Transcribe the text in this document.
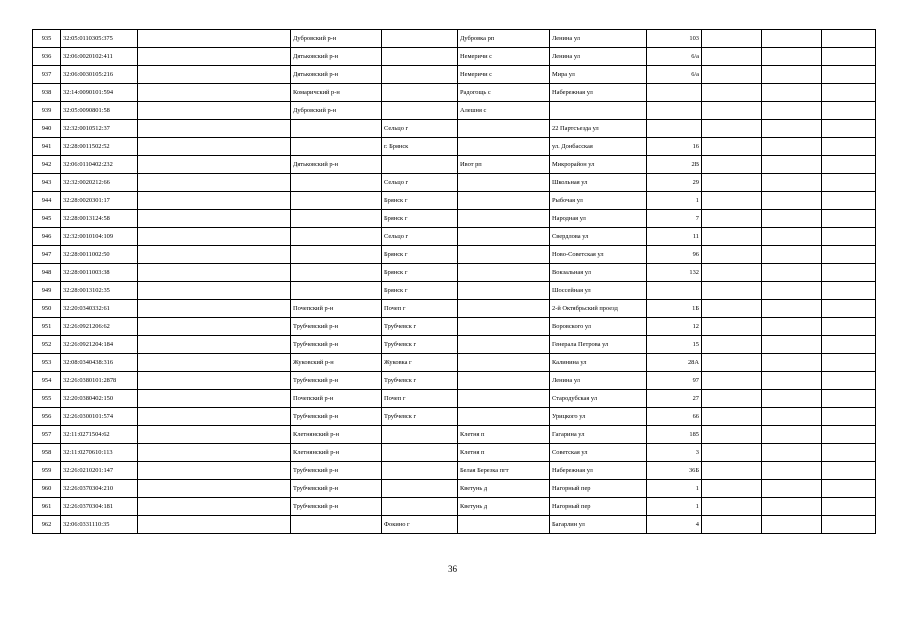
935	32:05:0110305:375		Дубровский р-н		Дубровка рп	Ленина ул	103			
936	32:06:0020102:411		Дятьковский р-н		Немеричи с	Ленина ул	6/а			
937	32:06:0030105:216		Дятьковский р-н		Немеричи с	Мира ул	6/а			
938	32:14:0090101:594		Комаричский р-н		Радогощь с	Набережная ул				
939	32:05:0090801:58		Дубровский р-н		Алешня с					
940	32:32:0010512:37			Сельцо г		22 Партсъезда ул				
941	32:28:0011502:52			г. Брянск		ул. Донбасская	16			
942	32:06:0110402:232		Дятьковский р-н		Ивот рп	Микрорайон ул	2В			
943	32:32:0020212:66			Сельцо г		Школьная ул	29			
944	32:28:0020301:17			Брянск г		Рыбочая ул	1			
945	32:28:0013124:58			Брянск г		Народная ул	7			
946	32:32:0010104:109			Сельцо г		Свердлова ул	11			
947	32:28:0011002:50			Брянск г		Ново-Советская ул	96			
948	32:28:0011003:38			Брянск г		Вокзальная ул	132			
949	32:28:0013102:35			Брянск г		Шоссейная ул				
950	32:20:0340332:61		Почепский р-н	Почеп г		2-й Октябрьский проезд	1Б			
951	32:26:0921206:62		Трубчевский р-н	Трубчевск г		Воровского ул	12			
952	32:26:0921204:184		Трубчевский р-н	Трубчевск г		Генерала Петрова ул	15			
953	32:08:0340438:316		Жуковский р-н	Жуковка г		Калинина ул	28А			
954	32:26:0380101:2878		Трубчевский р-н	Трубчевск г		Ленина ул	97			
955	32:20:0380402:150		Почепский р-н	Почеп г		Стародубская ул	27			
956	32:26:0300101:574		Трубчевский р-н	Трубчевск г		Урицкого ул	66			
957	32:11:0271504:62		Клетнянский р-н		Клетня п	Гагарина ул	185			
958	32:11:0270610:113		Клетнянский р-н		Клетня п	Советская ул	3			
959	32:26:0210201:147		Трубчевский р-н		Белая Березка пгт	Набережная ул	36Б			
960	32:26:0370304:210		Трубчевский р-н		Кветунь д	Нагорный пер	1			
961	32:26:0370304:181		Трубчевский р-н		Кветунь д	Нагорный пер	1			
962	32:06:0331110:35			Фокино г		Багарлин ул	4			
36
